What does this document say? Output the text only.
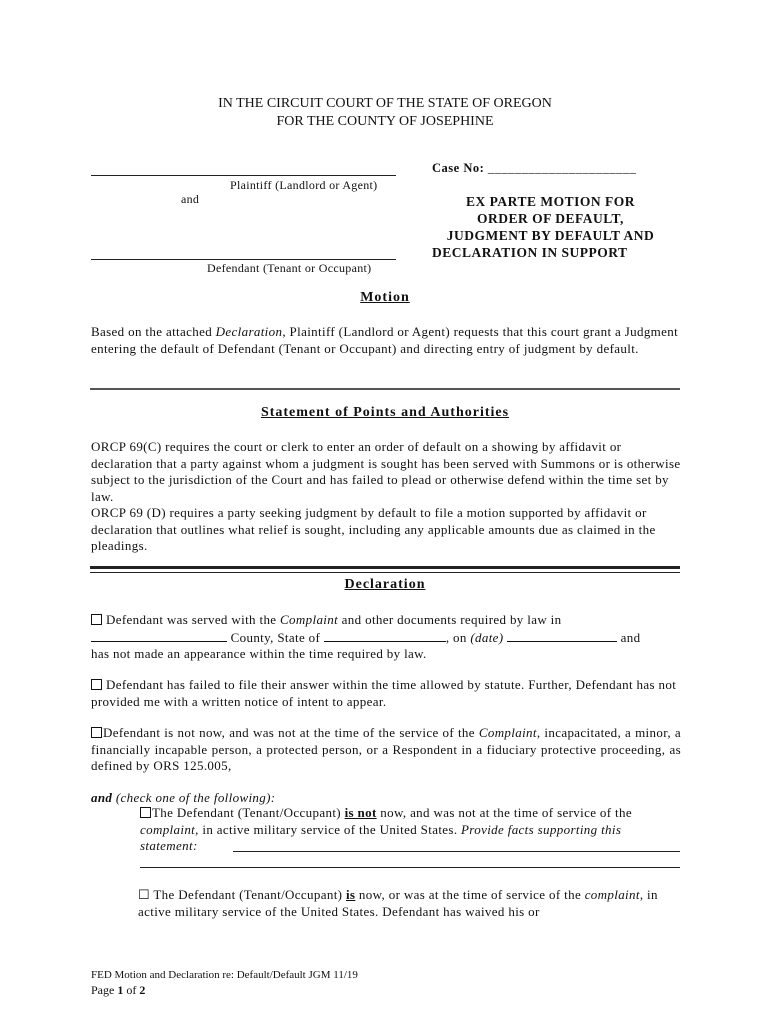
IN THE CIRCUIT COURT OF THE STATE OF OREGON
FOR THE COUNTY OF JOSEPHINE
Plaintiff (Landlord or Agent)
and
Defendant (Tenant or Occupant)
Case No: ______________________
EX PARTE MOTION FOR
ORDER OF DEFAULT,
JUDGMENT BY DEFAULT AND
DECLARATION IN SUPPORT
Motion
Based on the attached Declaration, Plaintiff (Landlord or Agent) requests that this court grant a Judgment entering the default of Defendant (Tenant or Occupant) and directing entry of judgment by default.
Statement of Points and Authorities
ORCP 69(C) requires the court or clerk to enter an order of default on a showing by affidavit or declaration that a party against whom a judgment is sought has been served with Summons or is otherwise subject to the jurisdiction of the Court and has failed to plead or otherwise defend within the time set by law.
ORCP 69 (D) requires a party seeking judgment by default to file a motion supported by affidavit or declaration that outlines what relief is sought, including any applicable amounts due as claimed in the pleadings.
Declaration
Defendant was served with the Complaint and other documents required by law in
County, State of	, on (date)	and
has not made an appearance within the time required by law.
Defendant has failed to file their answer within the time allowed by statute. Further, Defendant has not provided me with a written notice of intent to appear.
Defendant is not now, and was not at the time of the service of the Complaint, incapacitated, a minor, a financially incapable person, a protected person, or a Respondent in a fiduciary protective proceeding, as defined by ORS 125.005,
and (check one of the following):
The Defendant (Tenant/Occupant) is not now, and was not at the time of service of the complaint, in active military service of the United States. Provide facts supporting this statement:
☐ The Defendant (Tenant/Occupant) is now, or was at the time of service of the complaint, in active military service of the United States. Defendant has waived his or
FED Motion and Declaration re: Default/Default JGM 11/19
Page 1 of 2
